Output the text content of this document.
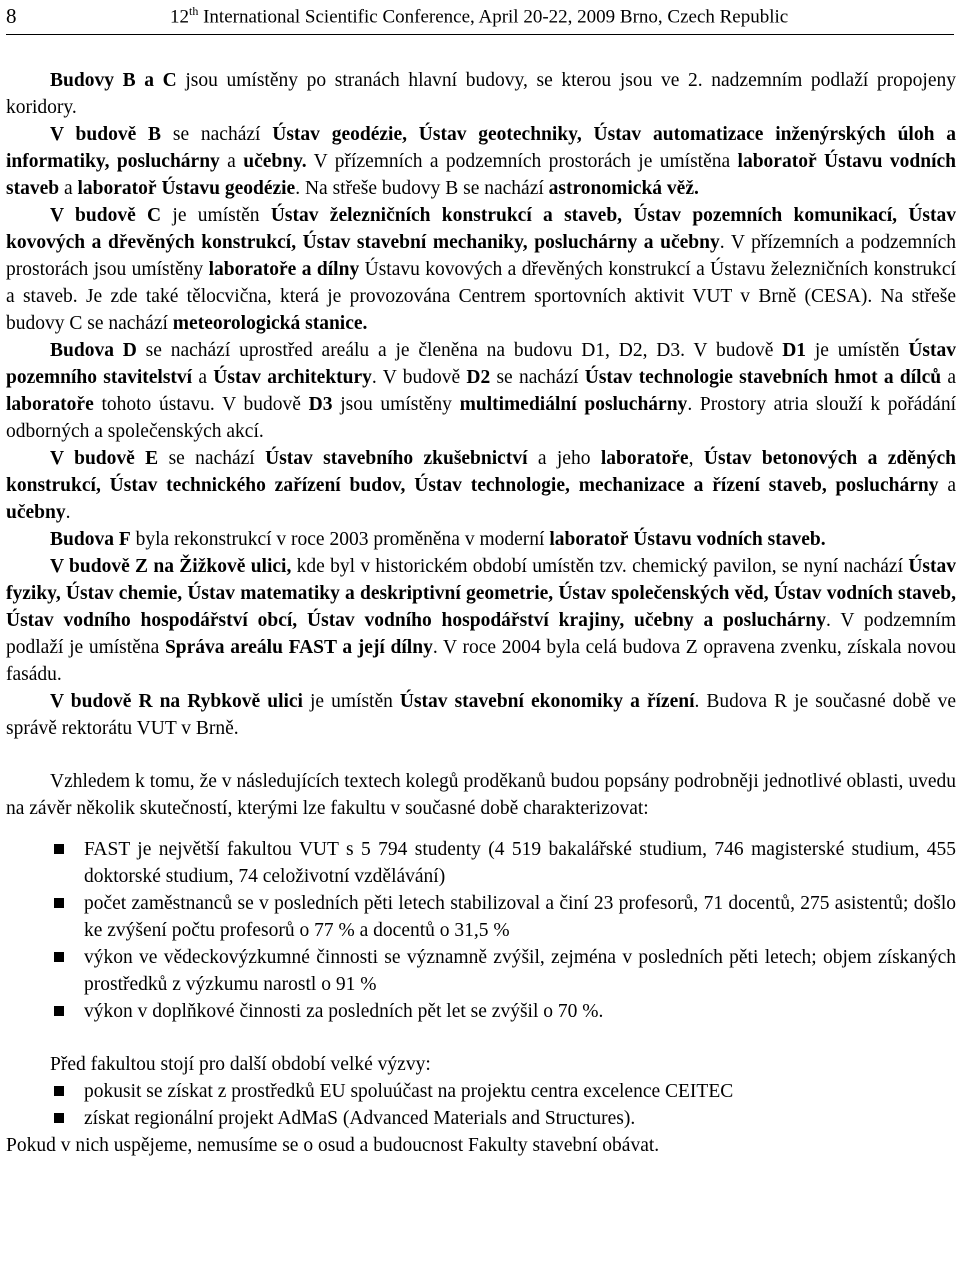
8	12th International Scientific Conference, April 20-22, 2009 Brno, Czech Republic

Budovy B a C jsou umístěny po stranách hlavní budovy, se kterou jsou ve 2. nadzemním podlaží propojeny koridory.

V budově B se nachází Ústav geodézie, Ústav geotechniky, Ústav automatizace inženýrských úloh a informatiky, posluchárny a učebny. V přízemních a podzemních prostorách je umístěna laboratoř Ústavu vodních staveb a laboratoř Ústavu geodézie. Na střeše budovy B se nachází astronomická věž.

V budově C je umístěn Ústav železničních konstrukcí a staveb, Ústav pozemních komunikací, Ústav kovových a dřevěných konstrukcí, Ústav stavební mechaniky, posluchárny a učebny. V přízemních a podzemních prostorách jsou umístěny laboratoře a dílny Ústavu kovových a dřevěných konstrukcí a Ústavu železničních konstrukcí a staveb. Je zde také tělocvična, která je provozována Centrem sportovních aktivit VUT v Brně (CESA). Na střeše budovy C se nachází meteorologická stanice.

Budova D se nachází uprostřed areálu a je členěna na budovu D1, D2, D3. V budově D1 je umístěn Ústav pozemního stavitelství a Ústav architektury. V budově D2 se nachází Ústav technologie stavebních hmot a dílců a laboratoře tohoto ústavu. V budově D3 jsou umístěny multimediální posluchárny. Prostory atria slouží k pořádání odborných a společenských akcí.

V budově E se nachází Ústav stavebního zkušebnictví a jeho laboratoře, Ústav betonových a zděných konstrukcí, Ústav technického zařízení budov, Ústav technologie, mechanizace a řízení staveb, posluchárny a učebny.

Budova F byla rekonstrukcí v roce 2003 proměněna v moderní laboratoř Ústavu vodních staveb.

V budově Z na Žižkově ulici, kde byl v historickém období umístěn tzv. chemický pavilon, se nyní nachází Ústav fyziky, Ústav chemie, Ústav matematiky a deskriptivní geometrie, Ústav společenských věd, Ústav vodních staveb, Ústav vodního hospodářství obcí, Ústav vodního hospodářství krajiny, učebny a posluchárny. V podzemním podlaží je umístěna Správa areálu FAST a její dílny. V roce 2004 byla celá budova Z opravena zvenku, získala novou fasádu.

V budově R na Rybkově ulici je umístěn Ústav stavební ekonomiky a řízení. Budova R je současné době ve správě rektorátu VUT v Brně.

Vzhledem k tomu, že v následujících textech kolegů proděkanů budou popsány podrobněji jednotlivé oblasti, uvedu na závěr několik skutečností, kterými lze fakultu v současné době charakterizovat:

FAST je největší fakultou VUT s 5 794 studenty (4 519 bakalářské studium, 746 magisterské studium, 455 doktorské studium, 74 celoživotní vzdělávání)
počet zaměstnanců se v posledních pěti letech stabilizoval a činí 23 profesorů, 71 docentů, 275 asistentů; došlo ke zvýšení počtu profesorů o 77 % a docentů o 31,5 %
výkon ve vědeckovýzkumné činnosti se významně zvýšil, zejména v posledních pěti letech; objem získaných prostředků z výzkumu narostl o 91 %
výkon v doplňkové činnosti za posledních pět let se zvýšil o 70 %.

Před fakultou stojí pro další období velké výzvy:

pokusit se získat z prostředků EU spoluúčast na projektu centra excelence CEITEC
získat regionální projekt AdMaS (Advanced Materials and Structures).

Pokud v nich uspějeme, nemusíme se o osud a budoucnost Fakulty stavební obávat.
